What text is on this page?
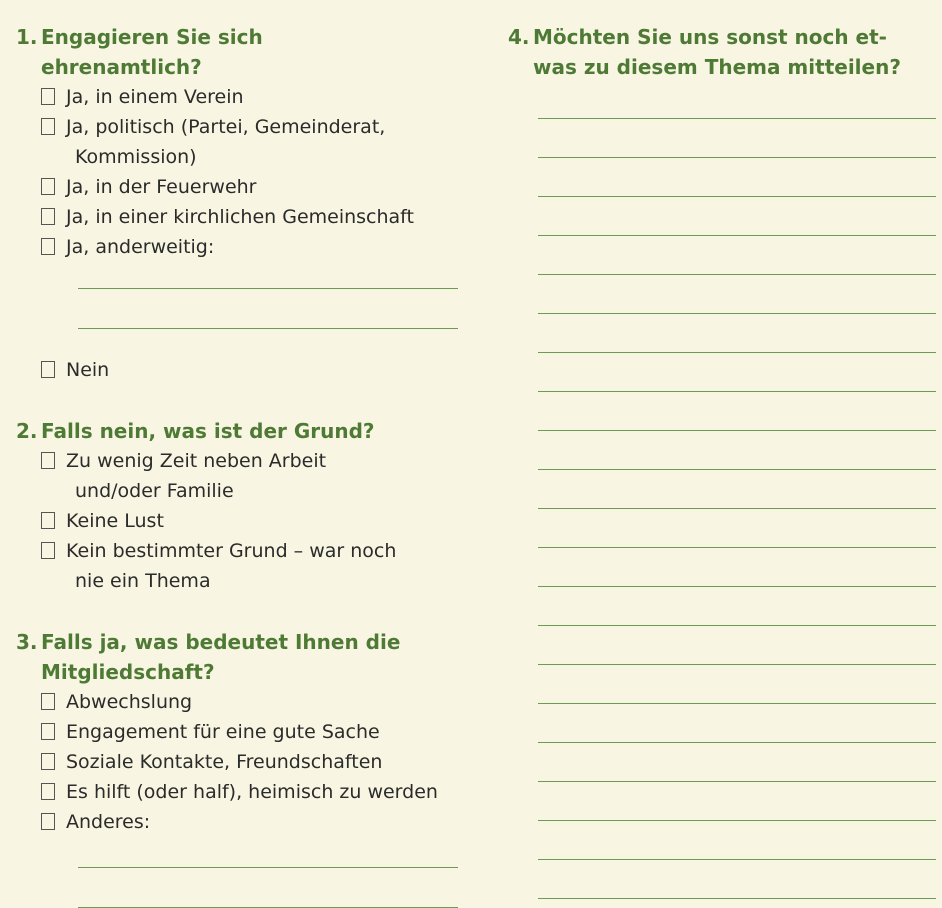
1. Engagieren Sie sich
ehrenamtlich?
Ja, in einem Verein
Ja, politisch (Partei, Gemeinderat,
Kommission)
Ja, in der Feuerwehr
Ja, in einer kirchlichen Gemeinschaft
Ja, anderweitig:
Nein
2. Falls nein, was ist der Grund?
Zu wenig Zeit neben Arbeit
und/oder Familie
Keine Lust
Kein bestimmter Grund – war noch
nie ein Thema
3. Falls ja, was bedeutet Ihnen die
Mitgliedschaft?
Abwechslung
Engagement für eine gute Sache
Soziale Kontakte, Freundschaften
Es hilft (oder half), heimisch zu werden
Anderes:
4. Möchten Sie uns sonst noch et-
was zu diesem Thema mitteilen?
